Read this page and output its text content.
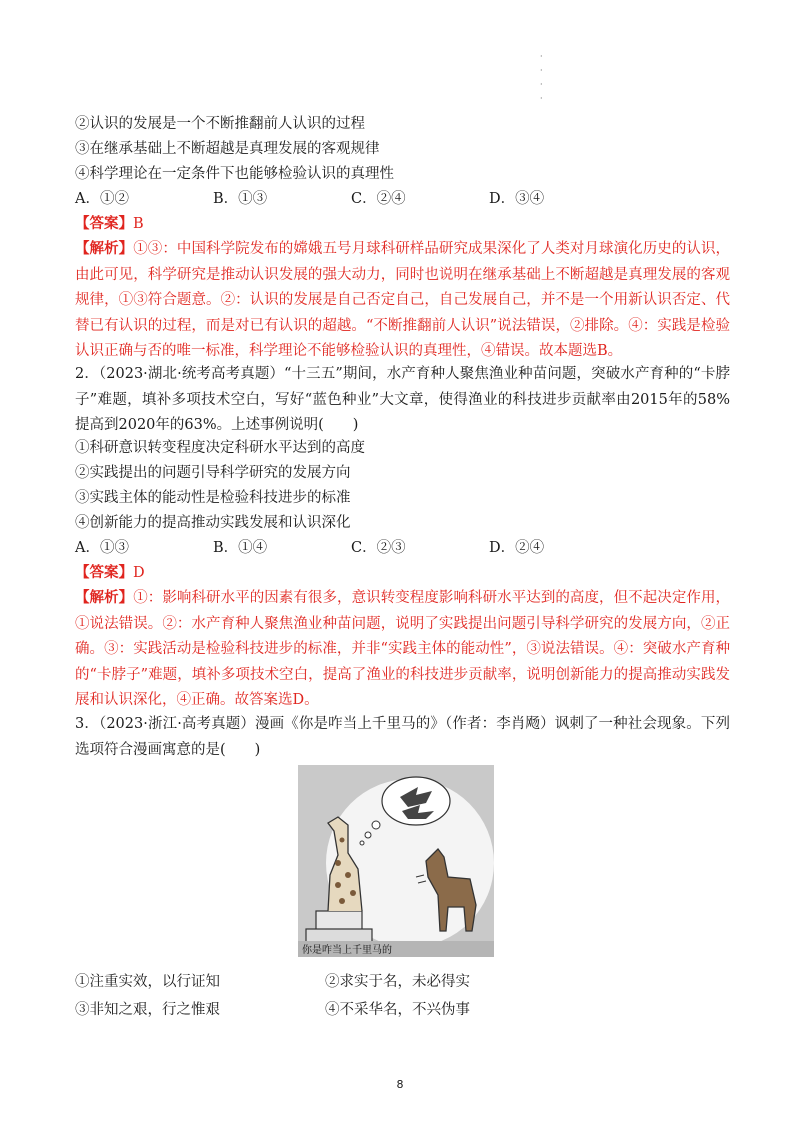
·
·
·
·
②认识的发展是一个不断推翻前人认识的过程
③在继承基础上不断超越是真理发展的客观规律
④科学理论在一定条件下也能够检验认识的真理性
A．①②	B．①③	C．②④	D．③④
【答案】B
【解析】①③：中国科学院发布的嫦娥五号月球科研样品研究成果深化了人类对月球演化历史的认识，由此可见，科学研究是推动认识发展的强大动力，同时也说明在继承基础上不断超越是真理发展的客观规律，①③符合题意。②：认识的发展是自己否定自己，自己发展自己，并不是一个用新认识否定、代替已有认识的过程，而是对已有认识的超越。“不断推翻前人认识”说法错误，②排除。④：实践是检验认识正确与否的唯一标准，科学理论不能够检验认识的真理性，④错误。故本题选B。
2．（2023·湖北·统考高考真题）“十三五”期间，水产育种人聚焦渔业种苗问题，突破水产育种的“卡脖子”难题，填补多项技术空白，写好“蓝色种业”大文章，使得渔业的科技进步贡献率由2015年的58%提高到2020年的63%。上述事例说明(　　)
①科研意识转变程度决定科研水平达到的高度
②实践提出的问题引导科学研究的发展方向
③实践主体的能动性是检验科技进步的标准
④创新能力的提高推动实践发展和认识深化
A．①③	B．①④	C．②③	D．②④
【答案】D
【解析】①：影响科研水平的因素有很多，意识转变程度影响科研水平达到的高度，但不起决定作用，①说法错误。②：水产育种人聚焦渔业种苗问题，说明了实践提出问题引导科学研究的发展方向，②正确。③：实践活动是检验科技进步的标准，并非“实践主体的能动性”，③说法错误。④：突破水产育种的“卡脖子”难题，填补多项技术空白，提高了渔业的科技进步贡献率，说明创新能力的提高推动实践发展和认识深化，④正确。故答案选D。
3．（2023·浙江·高考真题）漫画《你是咋当上千里马的》（作者：李肖飏）讽刺了一种社会现象。下列选项符合漫画寓意的是(　　)
你是咋当上千里马的
①注重实效，以行证知	②求实于名，未必得实
③非知之艰，行之惟艰	④不采华名，不兴伪事
8
